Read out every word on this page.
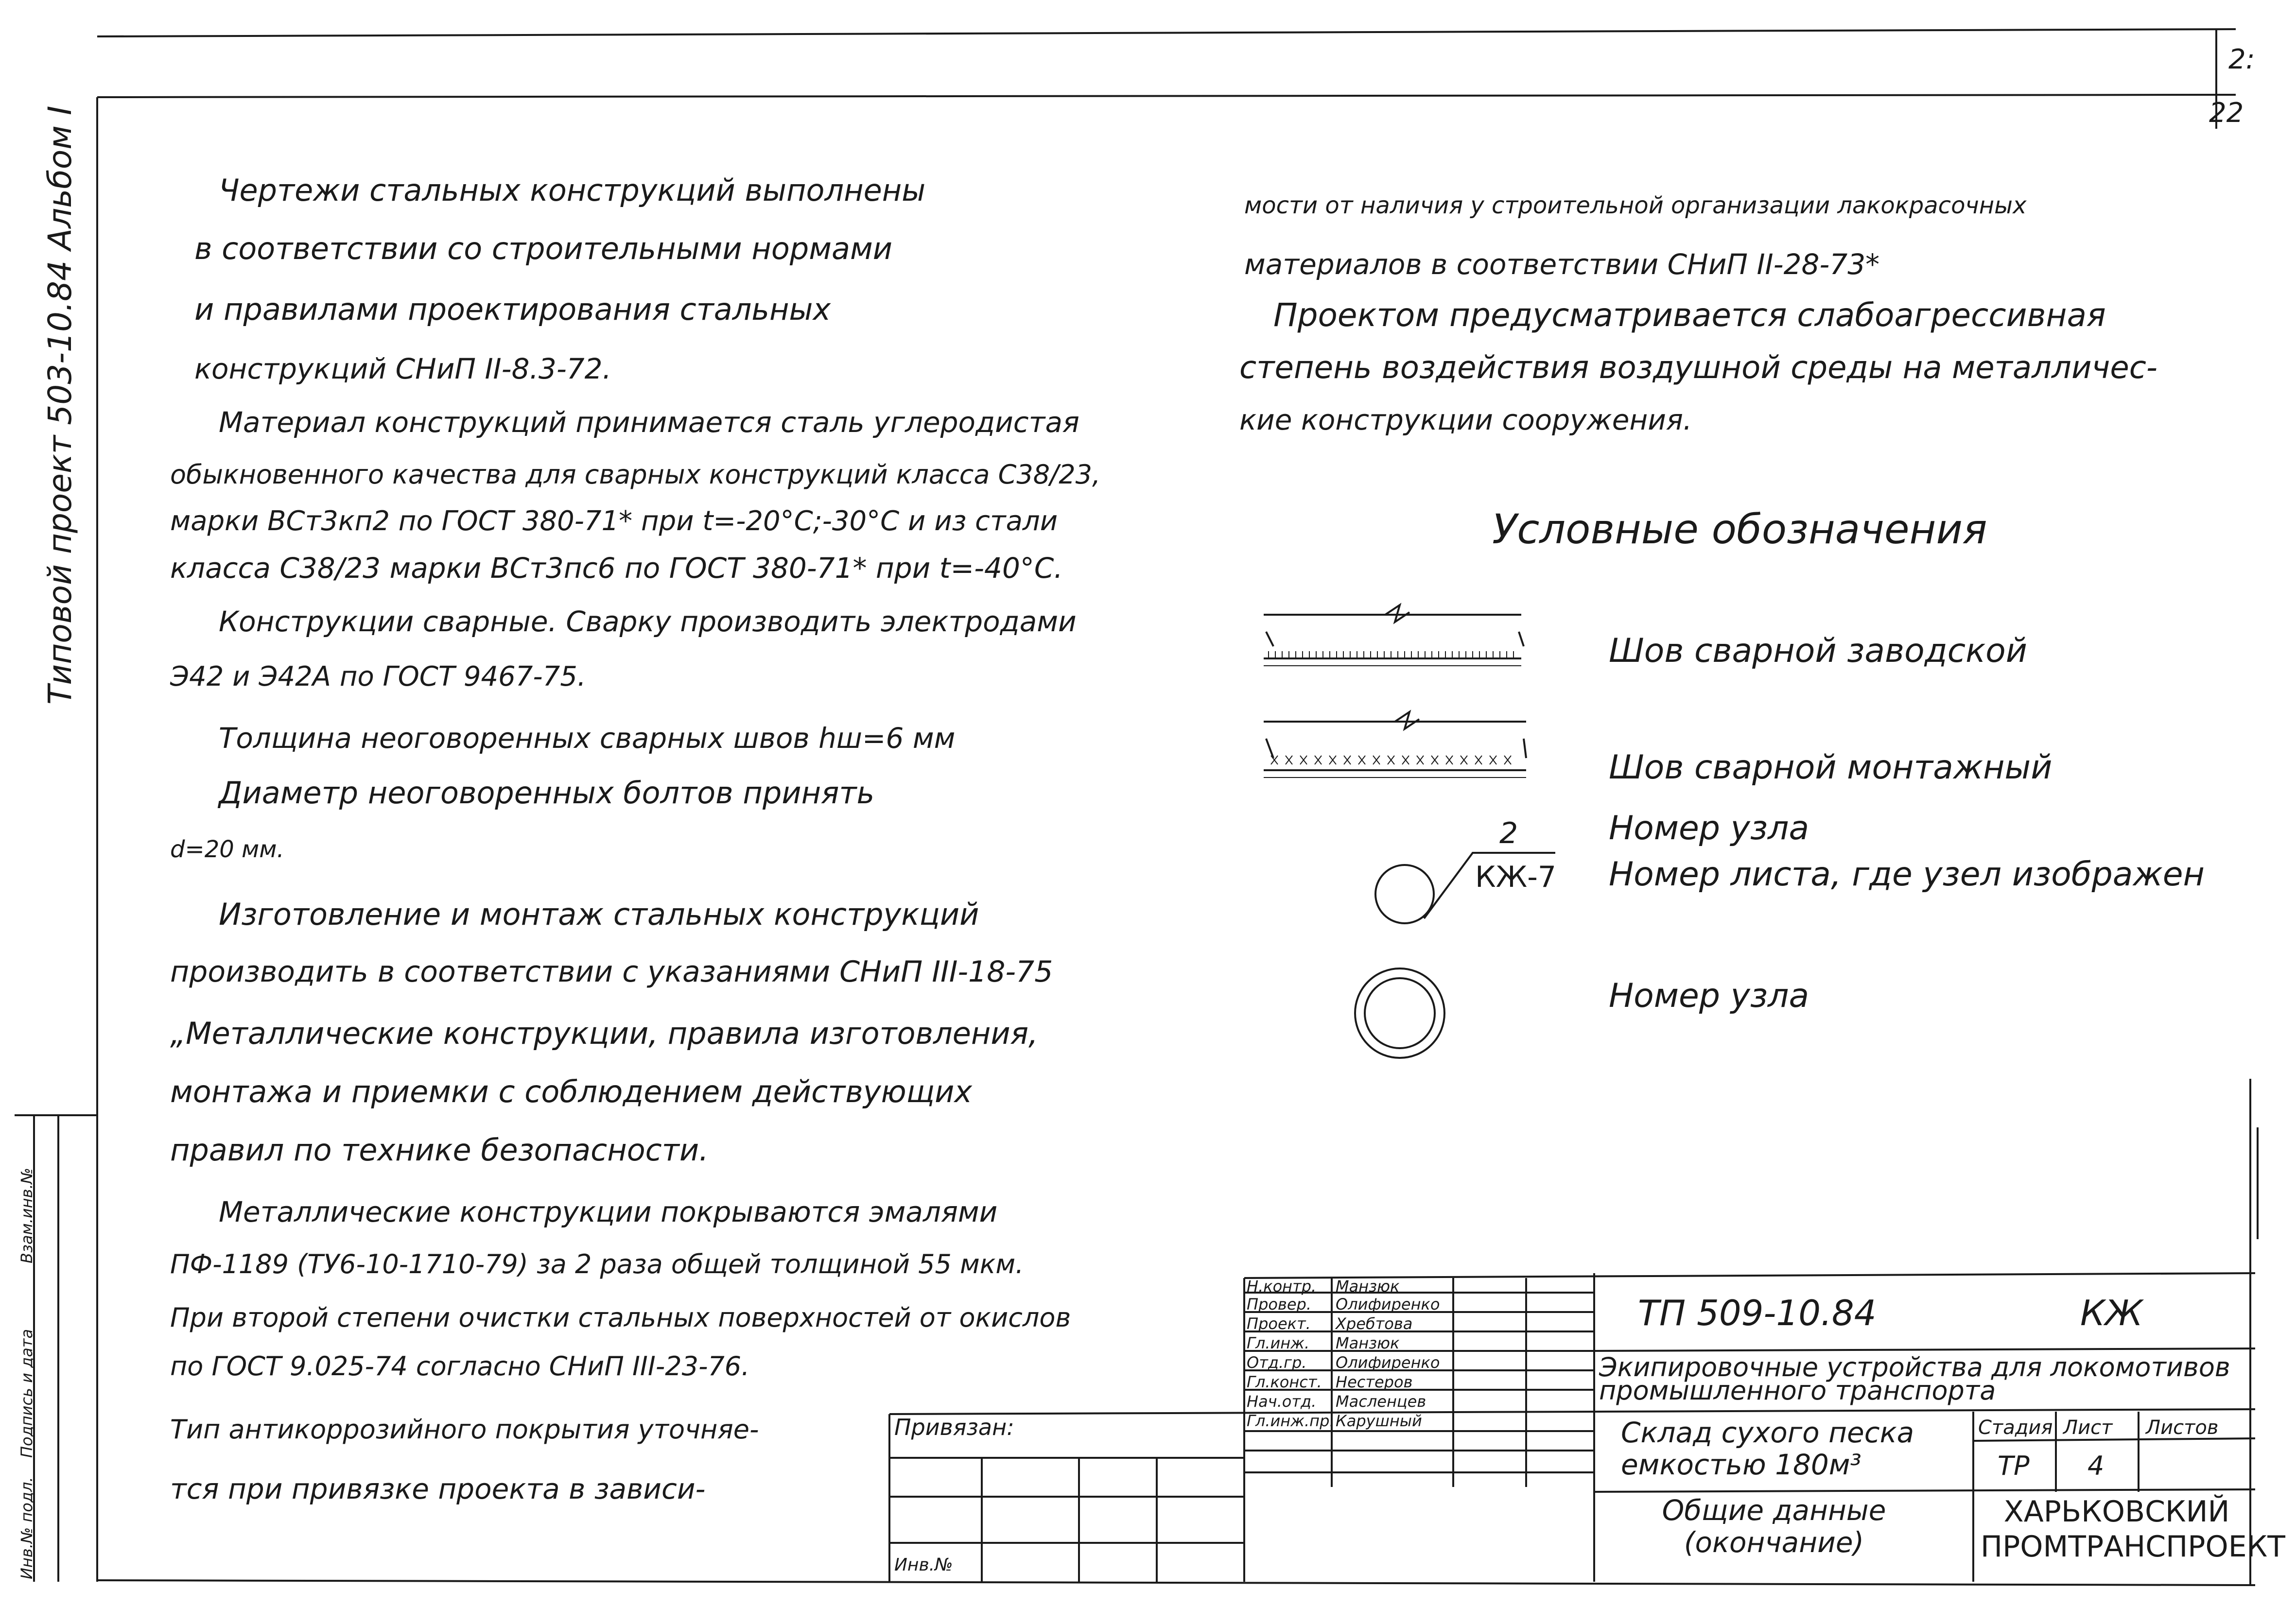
2:
22
Типовой проект 503-10.84 Альбом I
Инв.№ подл.
Подпись и дата
Взам.инв.№
Чертежи стальных конструкций выполнены
в соответствии со строительными нормами
и правилами проектирования стальных
конструкций СНиП II-8.3-72.
Материал конструкций принимается сталь углеродистая
обыкновенного качества для сварных конструкций класса С38/23,
марки ВСт3кп2 по ГОСТ 380-71* при t=-20°С;-30°С и из стали
класса С38/23 марки ВСт3пс6 по ГОСТ 380-71* при t=-40°С.
Конструкции сварные. Сварку производить электродами
Э42 и Э42А по ГОСТ 9467-75.
Толщина неоговоренных сварных швов hш=6 мм
Диаметр неоговоренных болтов принять
d=20 мм.
Изготовление и монтаж стальных конструкций
производить в соответствии с указаниями СНиП III-18-75
„Металлические конструкции, правила изготовления,
монтажа и приемки с соблюдением действующих
правил по технике безопасности.
Металлические конструкции покрываются эмалями
ПФ-1189 (ТУ6-10-1710-79) за 2 раза общей толщиной 55 мкм.
При второй степени очистки стальных поверхностей от окислов
по ГОСТ 9.025-74 согласно СНиП III-23-76.
Тип антикоррозийного покрытия уточняе-
тся при привязке проекта в зависи-
мости от наличия у строительной организации лакокрасочных
материалов в соответствии СНиП II-28-73*
Проектом предусматривается слабоагрессивная
степень воздействия воздушной среды на металличес-
кие конструкции сооружения.
Условные обозначения
Шов сварной заводской
Шов сварной монтажный
Номер узла
Номер листа, где узел изображен
Номер узла
2
КЖ-7
ТП 509-10.84	КЖ
Экипировочные устройства для локомотивов промышленного транспорта
Склад сухого песка емкостью 180м³
Общие данные (окончание)
Стадия Лист Листов
ТР 4
ХАРЬКОВСКИЙ ПРОМТРАНСПРОЕКТ
Привязан:
Инв.№
Н.контр. Манзюк
Провер. Олифиренко
Проект. Хребтова
Гл.инж. Манзюк
Отд.гр. Олифиренко
Гл.конст. Нестеров
Нач.отд. Масленцев
Гл.инж.пр. Карушный
